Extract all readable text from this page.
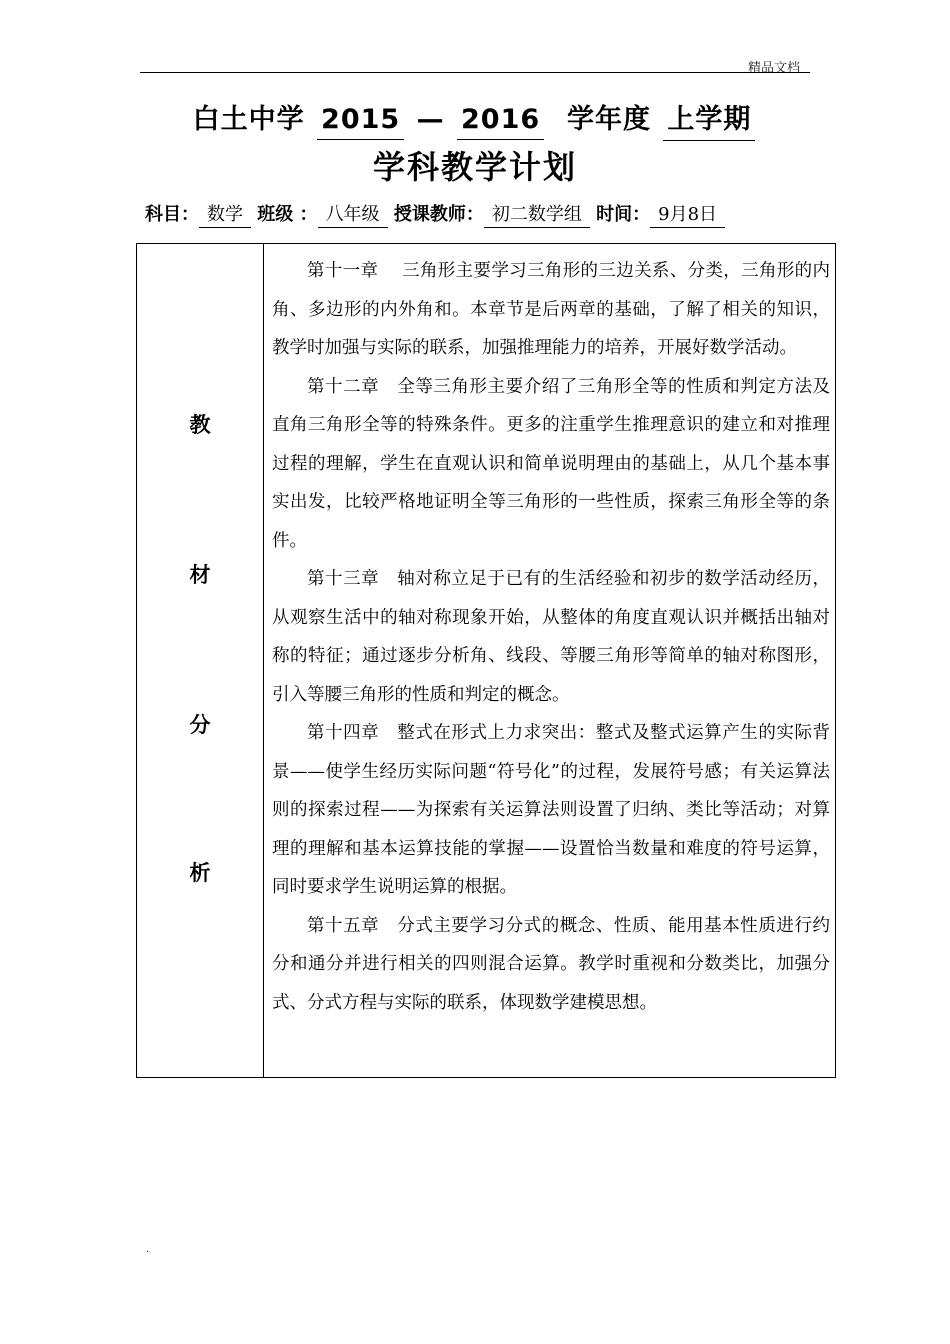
精品文档
白土中学 2015 — 2016 学年度 上学期
学科教学计划
科目： 数学 班级 ： 八年级 授课教师： 初二数学组 时间： 9月8日
教
材
分
析

第十一章　 三角形主要学习三角形的三边关系、分类，三角形的内角、多边形的内外角和。本章节是后两章的基础，了解了相关的知识，教学时加强与实际的联系，加强推理能力的培养，开展好数学活动。

第十二章　全等三角形主要介绍了三角形全等的性质和判定方法及直角三角形全等的特殊条件。更多的注重学生推理意识的建立和对推理过程的理解，学生在直观认识和简单说明理由的基础上，从几个基本事实出发，比较严格地证明全等三角形的一些性质，探索三角形全等的条件。

第十三章　轴对称立足于已有的生活经验和初步的数学活动经历，从观察生活中的轴对称现象开始，从整体的角度直观认识并概括出轴对称的特征；通过逐步分析角、线段、等腰三角形等简单的轴对称图形，引入等腰三角形的性质和判定的概念。

第十四章　整式在形式上力求突出：整式及整式运算产生的实际背景——使学生经历实际问题“符号化”的过程，发展符号感；有关运算法则的探索过程——为探索有关运算法则设置了归纳、类比等活动；对算理的理解和基本运算技能的掌握——设置恰当数量和难度的符号运算，同时要求学生说明运算的根据。

第十五章　分式主要学习分式的概念、性质、能用基本性质进行约分和通分并进行相关的四则混合运算。教学时重视和分数类比，加强分式、分式方程与实际的联系，体现数学建模思想。

.
